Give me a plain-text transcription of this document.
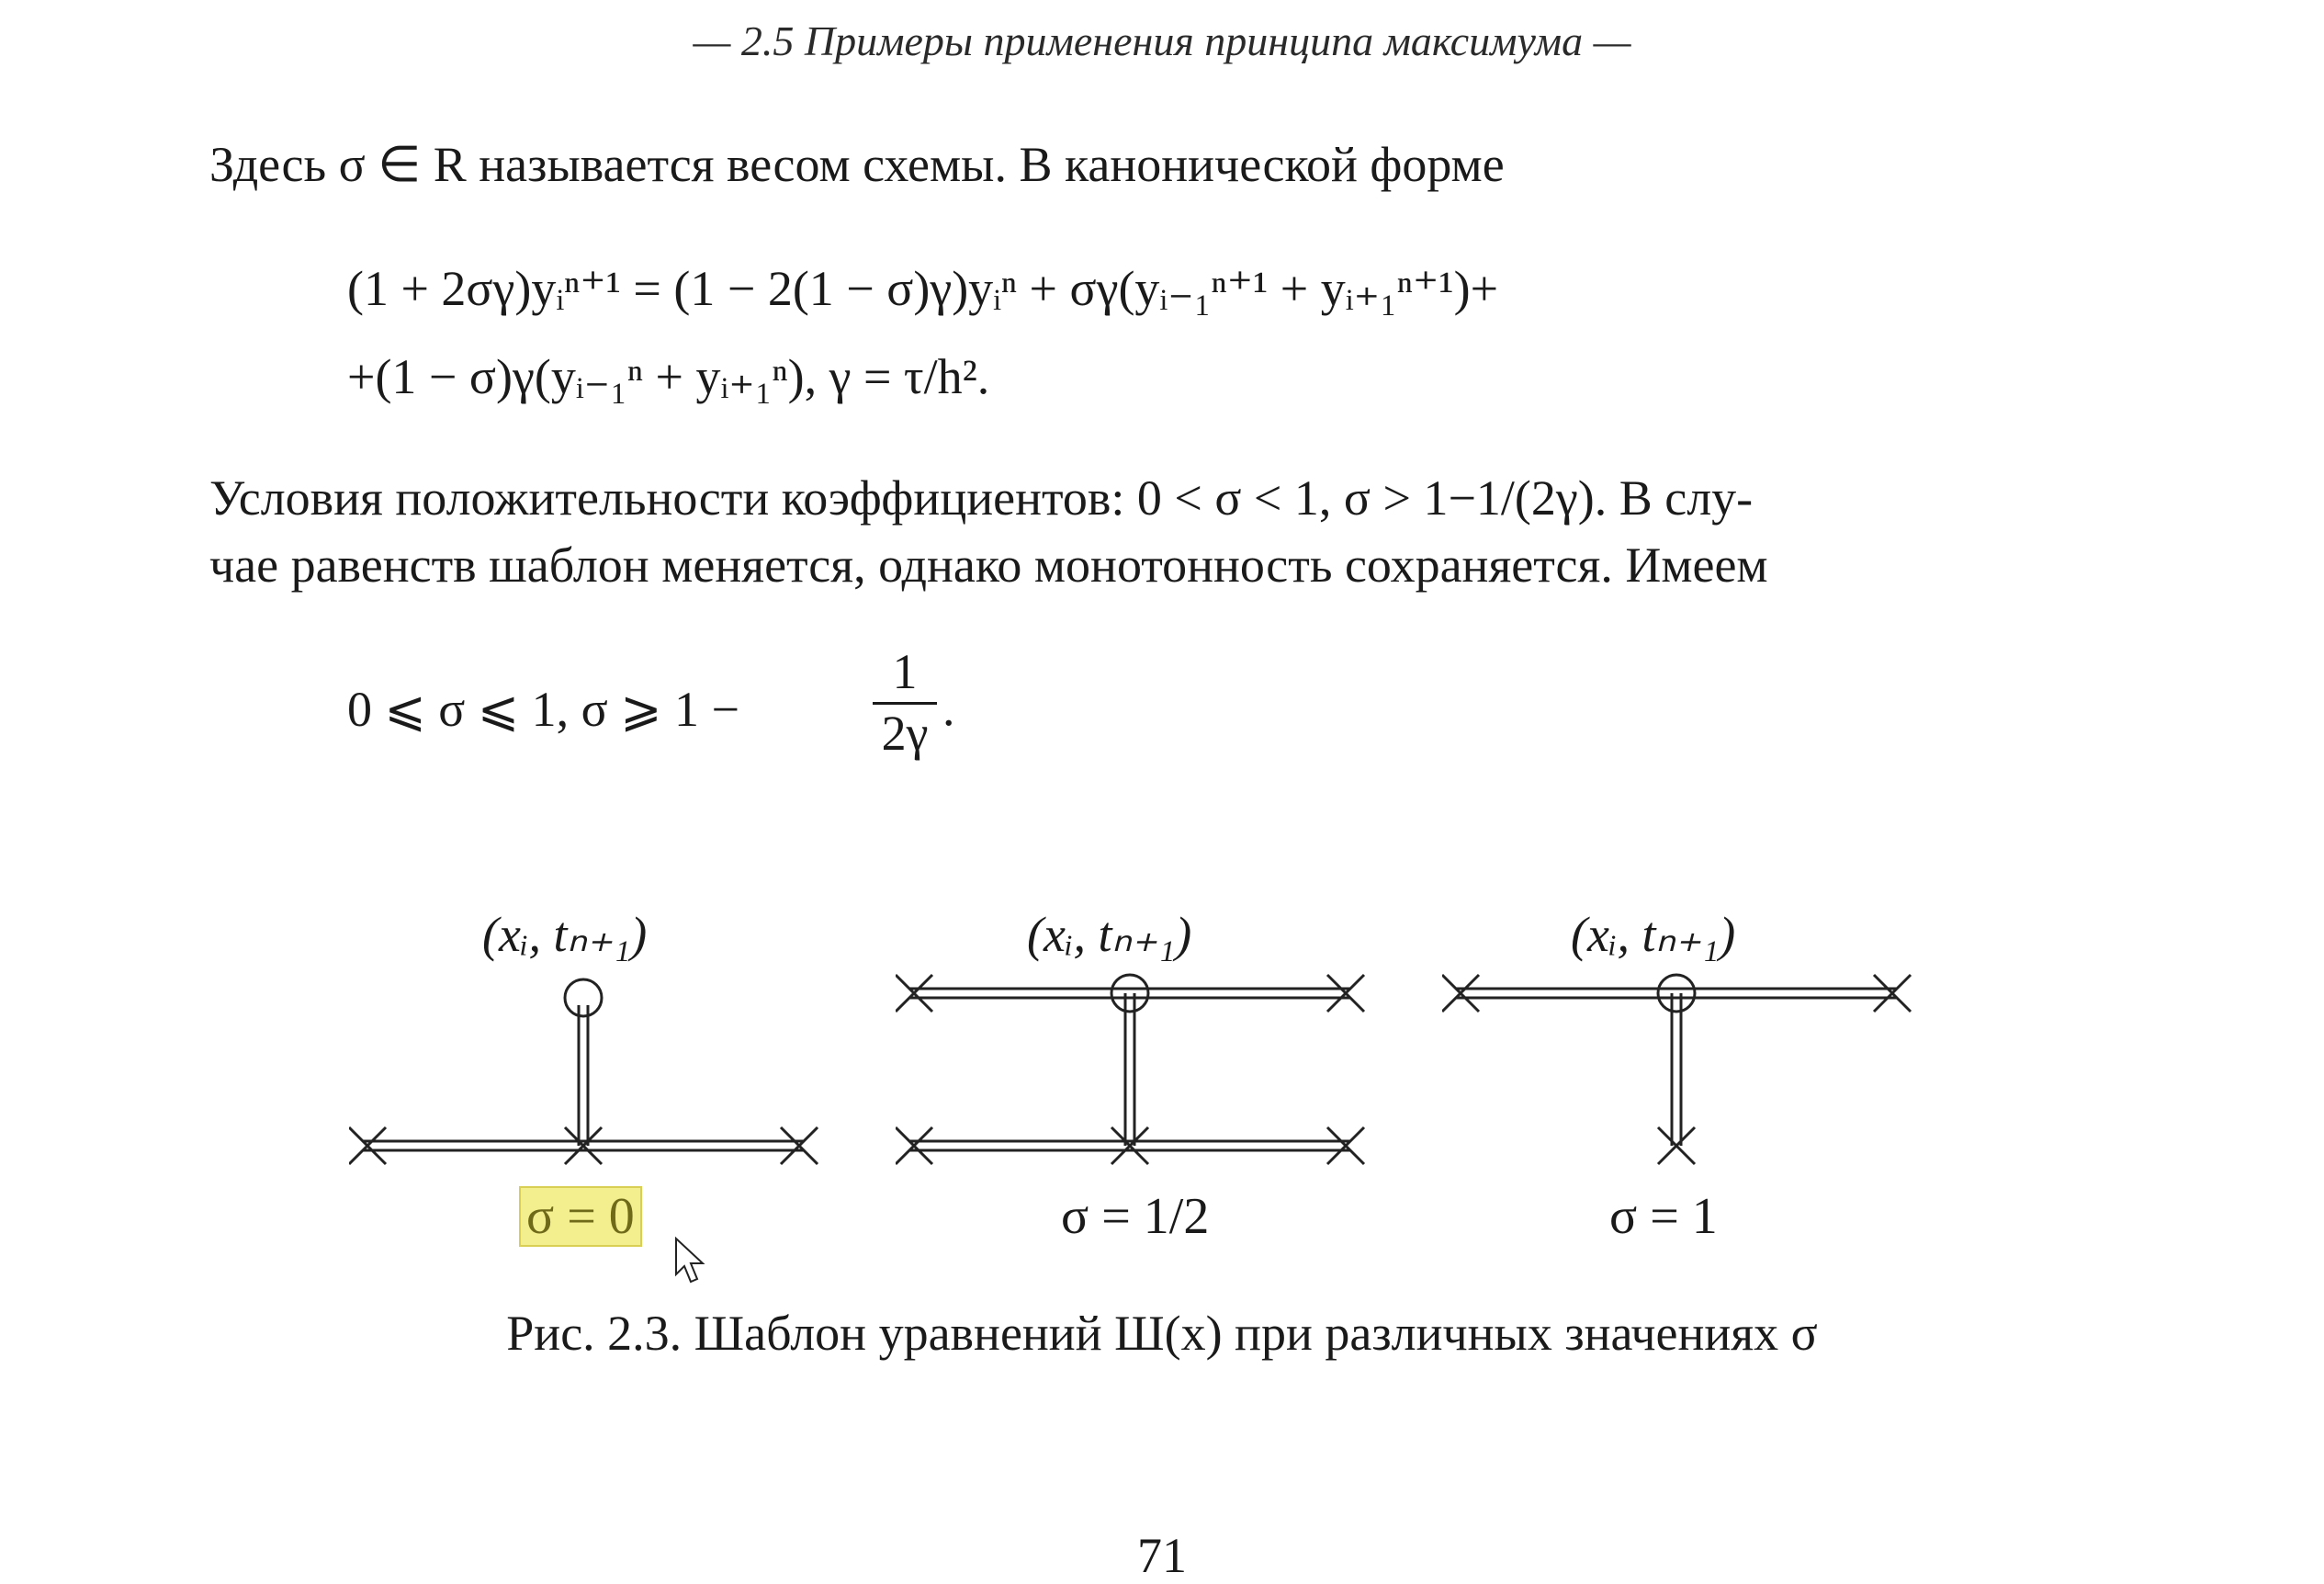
— 2.5 Примеры применения принципа максимума —
Здесь σ ∈ R называется весом схемы. В канонической форме
(1 + 2σγ)yᵢⁿ⁺¹ = (1 − 2(1 − σ)γ)yᵢⁿ + σγ(yᵢ₋₁ⁿ⁺¹ + yᵢ₊₁ⁿ⁺¹)+
+(1 − σ)γ(yᵢ₋₁ⁿ + yᵢ₊₁ⁿ), γ = τ/h².
Условия положительности коэффициентов: 0 < σ < 1, σ > 1−1/(2γ). В слу-
чае равенств шаблон меняется, однако монотонность сохраняется. Имеем
0 ⩽ σ ⩽ 1, σ ⩾ 1 −
1
2γ .
(xᵢ, tₙ₊₁)
σ = 0
(xᵢ, tₙ₊₁)
σ = 1/2
(xᵢ, tₙ₊₁)
σ = 1
Рис. 2.3. Шаблон уравнений Ш(x) при различных значениях σ
71
